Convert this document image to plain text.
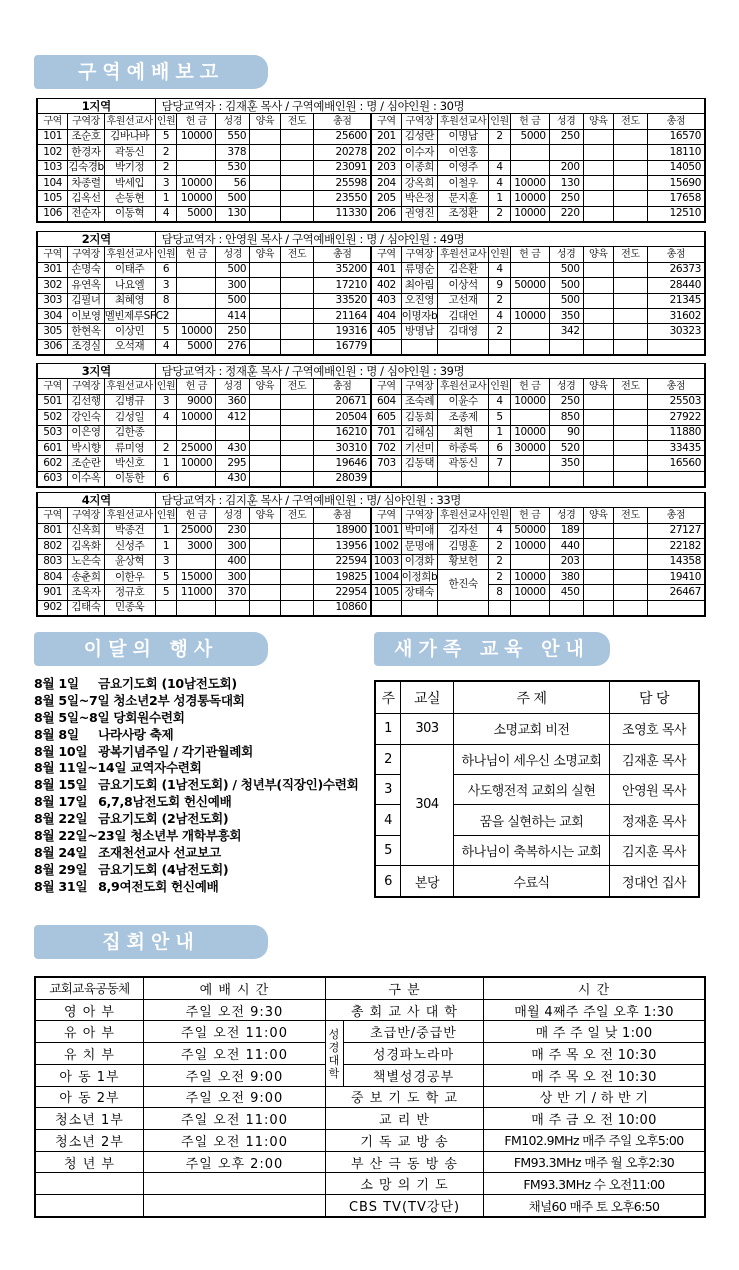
구역예배보고
1지역			담당교역자 : 김재훈 목사 / 구역예배인원 : 명 / 심야인원 : 30명														
구역	구역장	후원선교사	인원	헌 금	성경	양육	전도	총점	구역	구역장	후원선교사	인원	헌 금	성경	양육	전도	총점
101	조순호	김바나바	5	10000	550			25600	201	김성란	이명남	2	5000	250			16570
102	한경자	곽동신	2		378			20278	202	이수자	이연홍						18110
103	김숙경b	박기정	2		530			23091	203	이종희	이영주	4		200			14050
104	차종렬	박세입	3	10000	56			25598	204	강옥희	이철우	4	10000	130			15690
105	김옥선	손동현	1	10000	500			23550	205	박은정	문지훈	1	10000	250			17658
106	전순자	이동혁	4	5000	130			11330	206	권영진	조정환	2	10000	220			12510
2지역			담당교역자 : 안영원 목사 / 구역예배인원 : 명 / 심야인원 : 49명														
구역	구역장	후원선교사	인원	헌 금	성경	양육	전도	총점	구역	구역장	후원선교사	인원	헌 금	성경	양육	전도	총점
301	손명숙	이태주	6		500			35200	401	류명순	김은환	4		500			26373
302	유연옥	나요엘	3		300			17210	402	최아림	이상석	9	50000	500			28440
303	김필녀	최혜영	8		500			33520	403	오진영	고선재	2		500			21345
304	이보영	멜빈제루SFC	2		414			21164	404	이명자b	김대언	4	10000	350			31602
305	한현옥	이상민	5	10000	250			19316	405	방명남	김대영	2		342			30323
306	조경실	오석재	4	5000	276			16779									
3지역			담당교역자 : 정재훈 목사 / 구역예배인원 : 명 / 심야인원 : 39명														
구역	구역장	후원선교사	인원	헌 금	성경	양육	전도	총점	구역	구역장	후원선교사	인원	헌 금	성경	양육	전도	총점
501	김선행	김병규	3	9000	360			20671	604	조숙례	이윤수	4	10000	250			25503
502	강인숙	김성일	4	10000	412			20504	605	김동희	조종제	5		850			27922
503	이은영	김한종						16210	701	김해심	최현	1	10000	90			11880
601	박시향	류미영	2	25000	430			30310	702	기선미	하종록	6	30000	520			33435
602	조순란	박신호	1	10000	295			19646	703	김동택	곽동신	7		350			16560
603	이수옥	이동한	6		430			28039									
4지역			담당교역자 : 김지훈 목사 / 구역예배인원 : 명/ 심야인원 : 33명														
구역	구역장	후원선교사	인원	헌 금	성경	양육	전도	총점	구역	구역장	후원선교사	인원	헌 금	성경	양육	전도	총점
801	신옥희	박종건	1	25000	230			18900	1001	박미애	김자선	4	50000	189			27127
802	김옥화	신성주	1	3000	300			13956	1002	문명애	김명훈	2	10000	440			22182
803	노은숙	윤상혁	3		400			22594	1003	이경화	황보헌	2		203			14358
804	송춘희	이한우	5	15000	300			19825	1004	이정희b	한진숙	2	10000	380			19410
901	조옥자	정규호	5	11000	370			22954	1005	장태숙		8	10000	450			26467
902	김태숙	민종욱						10860									
이달의 행사
8월 1일 금요기도회 (10남전도회)
8월 5일~7일 청소년2부 성경통독대회
8월 5일~8일 당회원수련회
8월 8일 나라사랑 축제
8월 10일 광복기념주일 / 각기관월례회
8월 11일~14일 교역자수련회
8월 15일 금요기도회 (1남전도회) / 청년부(직장인)수련회
8월 17일 6,7,8남전도회 헌신예배
8월 22일 금요기도회 (2남전도회)
8월 22일~23일 청소년부 개학부흥회
8월 24일 조재천선교사 선교보고
8월 29일 금요기도회 (4남전도회)
8월 31일 8,9여전도회 헌신예배
새가족 교육 안내
주	교실	주 제	담 당
1	303	소명교회 비전	조영호 목사
2	304	하나님이 세우신 소명교회	김재훈 목사
3		사도행전적 교회의 실현	안영원 목사
4		꿈을 실현하는 교회	정재훈 목사
5		하나님이 축복하시는 교회	김지훈 목사
6	본당	수료식	정대언 집사
집회안내
교회교육공동체	예 배 시 간	구 분		시 간
영 아 부	주일 오전 9:30	총 회 교 사 대 학		매월 4째주 주일 오후 1:30
유 아 부	주일 오전 11:00	성경대학	초급반/중급반	매 주 주 일 낮 1:00
유 치 부	주일 오전 11:00		성경파노라마	매 주 목 오 전 10:30
아 동 1부	주일 오전 9:00		책별성경공부	매 주 목 오 전 10:30
아 동 2부	주일 오전 9:00	중 보 기 도 학 교		상 반 기 / 하 반 기
청소년 1부	주일 오전 11:00	교 리 반		매 주 금 오 전 10:00
청소년 2부	주일 오전 11:00	기 독 교 방 송		FM102.9MHz 매주 주일 오후5:00
청 년 부	주일 오후 2:00	부 산 극 동 방 송		FM93.3MHz 매주 월 오후2:30
		소 망 의 기 도		FM93.3MHz 수 오전11:00
		CBS TV(TV강단)		채널60 매주 토 오후6:50
